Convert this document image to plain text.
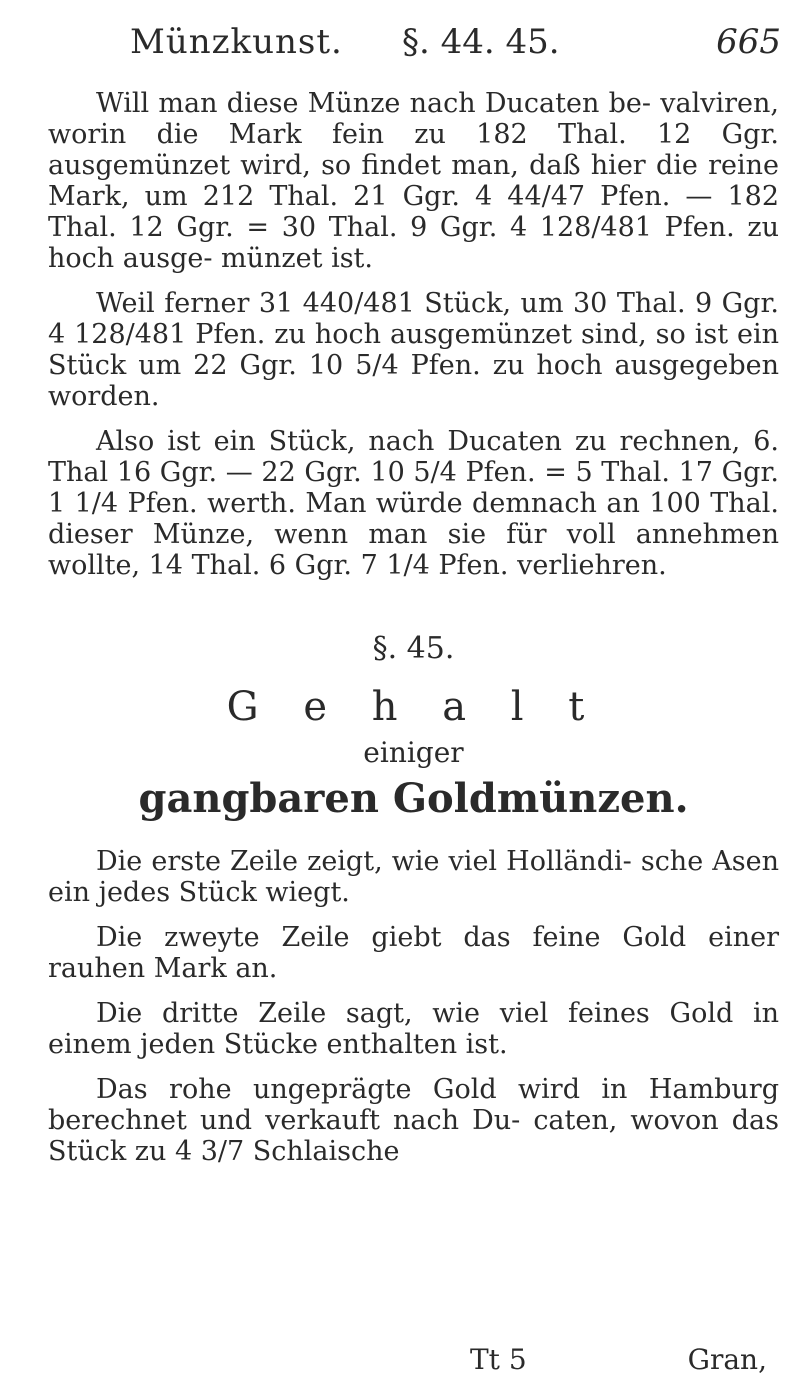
Münzkunst. §. 44. 45.	665

Will man diese Münze nach Ducaten be- valviren, worin die Mark fein zu 182 Thal. 12 Ggr. ausgemünzet wird, so findet man, daß hier die reine Mark, um 212 Thal. 21 Ggr. 4 44/47 Pfen. — 182 Thal. 12 Ggr. = 30 Thal. 9 Ggr. 4 128/481 Pfen. zu hoch ausge- münzet ist.

Weil ferner 31 440/481 Stück, um 30 Thal. 9 Ggr. 4 128/481 Pfen. zu hoch ausgemünzet sind, so ist ein Stück um 22 Ggr. 10 5/4 Pfen. zu hoch ausgegeben worden.

Also ist ein Stück, nach Ducaten zu rechnen, 6. Thal 16 Ggr. — 22 Ggr. 10 5/4 Pfen. = 5 Thal. 17 Ggr. 1 1/4 Pfen. werth. Man würde demnach an 100 Thal. dieser Münze, wenn man sie für voll annehmen wollte, 14 Thal. 6 Ggr. 7 1/4 Pfen. verliehren.

§. 45.
G e h a l t
einiger
gangbaren Goldmünzen.

Die erste Zeile zeigt, wie viel Holländi- sche Asen ein jedes Stück wiegt.

Die zweyte Zeile giebt das feine Gold einer rauhen Mark an.

Die dritte Zeile sagt, wie viel feines Gold in einem jeden Stücke enthalten ist.

Das rohe ungeprägte Gold wird in Hamburg berechnet und verkauft nach Du- caten, wovon das Stück zu 4 3/7 Schlaische

Tt 5	Gran,
